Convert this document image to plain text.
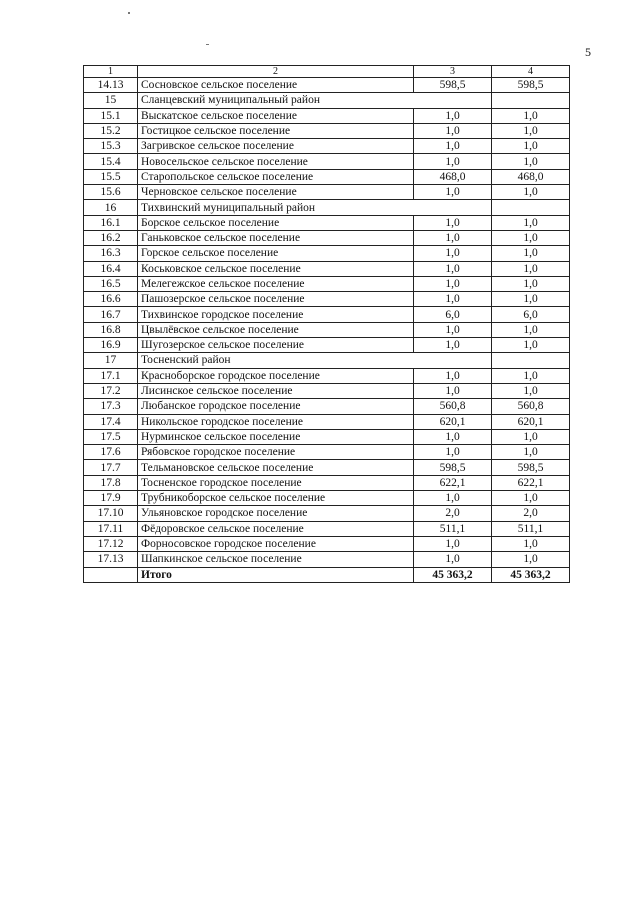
5
1	2	3	4
14.13	Сосновское сельское поселение	598,5	598,5
15	Сланцевский муниципальный район		
15.1	Выскатское сельское поселение	1,0	1,0
15.2	Гостицкое сельское поселение	1,0	1,0
15.3	Загривское сельское поселение	1,0	1,0
15.4	Новосельское сельское поселение	1,0	1,0
15.5	Старопольское сельское поселение	468,0	468,0
15.6	Черновское сельское поселение	1,0	1,0
16	Тихвинский муниципальный район		
16.1	Борское сельское поселение	1,0	1,0
16.2	Ганьковское сельское поселение	1,0	1,0
16.3	Горское сельское поселение	1,0	1,0
16.4	Коськовское сельское поселение	1,0	1,0
16.5	Мелегежское сельское поселение	1,0	1,0
16.6	Пашозерское сельское поселение	1,0	1,0
16.7	Тихвинское городское поселение	6,0	6,0
16.8	Цвылёвское сельское поселение	1,0	1,0
16.9	Шугозерское сельское поселение	1,0	1,0
17	Тосненский район		
17.1	Красноборское городское поселение	1,0	1,0
17.2	Лисинское сельское поселение	1,0	1,0
17.3	Любанское городское поселение	560,8	560,8
17.4	Никольское городское поселение	620,1	620,1
17.5	Нурминское сельское поселение	1,0	1,0
17.6	Рябовское городское поселение	1,0	1,0
17.7	Тельмановское сельское поселение	598,5	598,5
17.8	Тосненское городское поселение	622,1	622,1
17.9	Трубникоборское сельское поселение	1,0	1,0
17.10	Ульяновское городское поселение	2,0	2,0
17.11	Фёдоровское сельское поселение	511,1	511,1
17.12	Форносовское городское поселение	1,0	1,0
17.13	Шапкинское сельское поселение	1,0	1,0
	Итого	45 363,2	45 363,2
